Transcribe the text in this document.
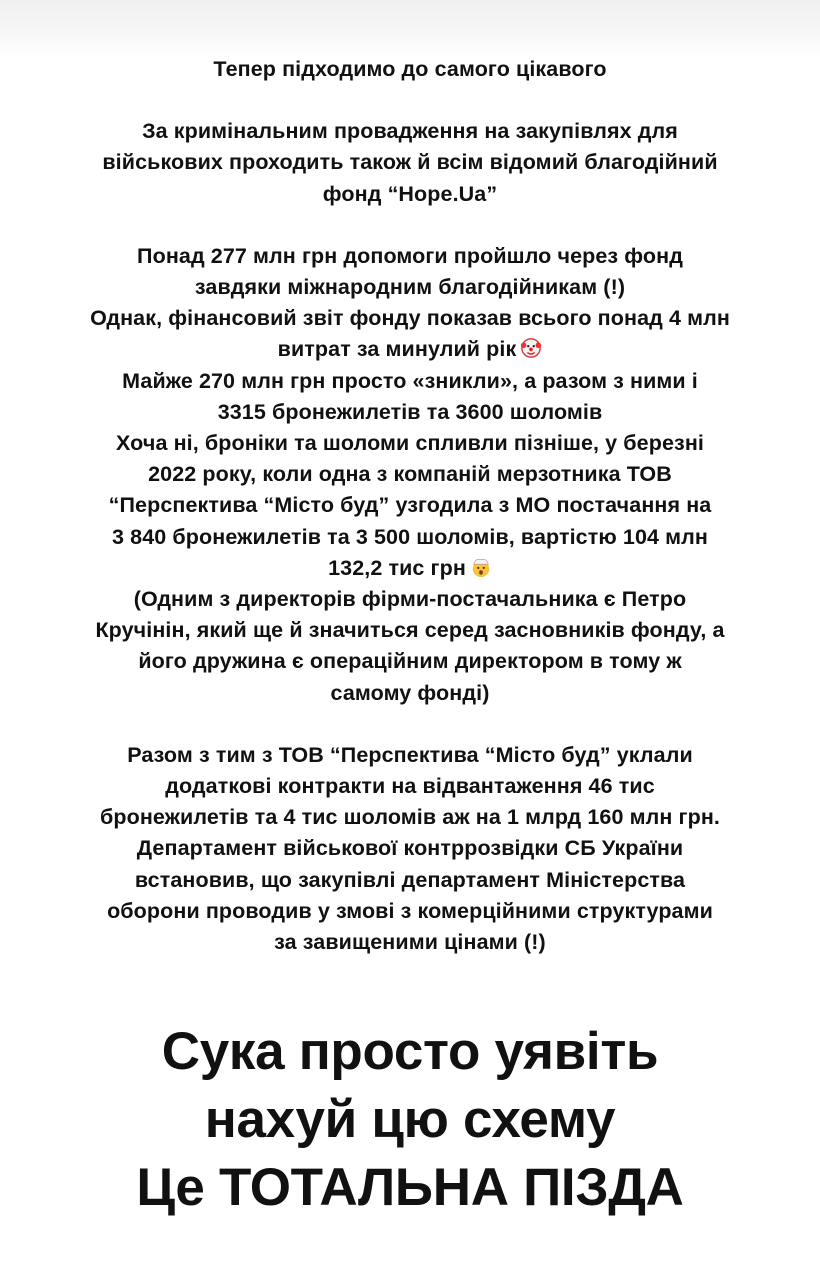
Тепер підходимо до самого цікавого

За кримінальним провадження на закупівлях для

військових проходить також й всім відомий благодійний

фонд “Hope.Ua”

Понад 277 млн грн допомоги пройшло через фонд

завдяки міжнародним благодійникам (!)

Однак, фінансовий звіт фонду показав всього понад 4 млн

витрат за минулий рік

Майже 270 млн грн просто «зникли», а разом з ними і

3315 бронежилетів та 3600 шоломів

Хоча ні, броніки та шоломи спливли пізніше, у березні

2022 року, коли одна з компаній мерзотника ТОВ

“Перспектива “Місто буд” узгодила з МО постачання на

3 840 бронежилетів та 3 500 шоломів, вартістю 104 млн

132,2 тис грн

(Одним з директорів фірми-постачальника є Петро

Кручінін, який ще й значиться серед засновників фонду, а

його дружина є операційним директором в тому ж

самому фонді)

Разом з тим з ТОВ “Перспектива “Місто буд” уклали

додаткові контракти на відвантаження 46 тис

бронежилетів та 4 тис шоломів аж на 1 млрд 160 млн грн.

Департамент військової контррозвідки СБ України

встановив, що закупівлі департамент Міністерства

оборони проводив у змові з комерційними структурами

за завищеними цінами (!)

Сука просто уявіть

нахуй цю схему

Це ТОТАЛЬНА ПІЗДА
